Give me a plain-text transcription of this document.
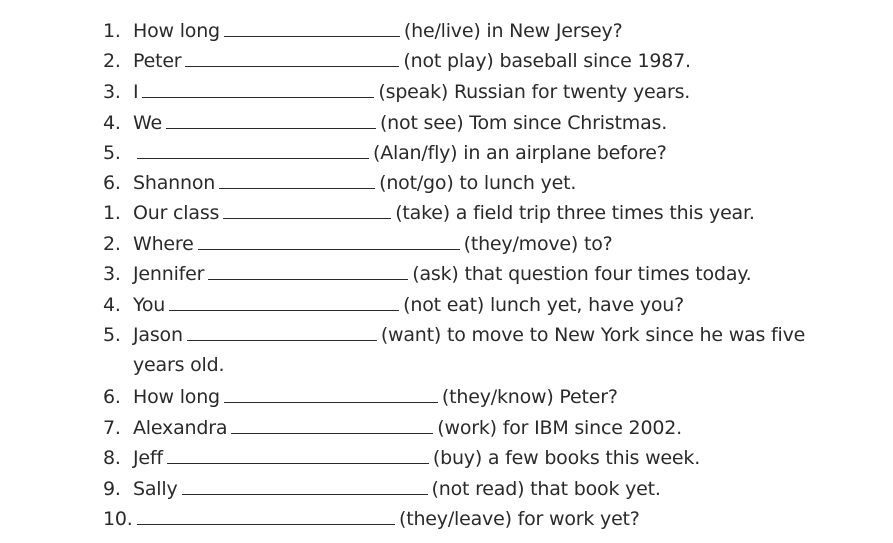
1. How long	(he/live) in New Jersey?
2. Peter	(not play) baseball since 1987.
3. I	(speak) Russian for twenty years.
4. We	(not see) Tom since Christmas.
5.	(Alan/fly) in an airplane before?
6. Shannon	(not/go) to lunch yet.
1. Our class	(take) a field trip three times this year.
2. Where	(they/move) to?
3. Jennifer	(ask) that question four times today.
4. You	(not eat) lunch yet, have you?
5. Jason	(want) to move to New York since he was five
years old.
6. How long	(they/know) Peter?
7. Alexandra	(work) for IBM since 2002.
8. Jeff	(buy) a few books this week.
9. Sally	(not read) that book yet.
10.	(they/leave) for work yet?
